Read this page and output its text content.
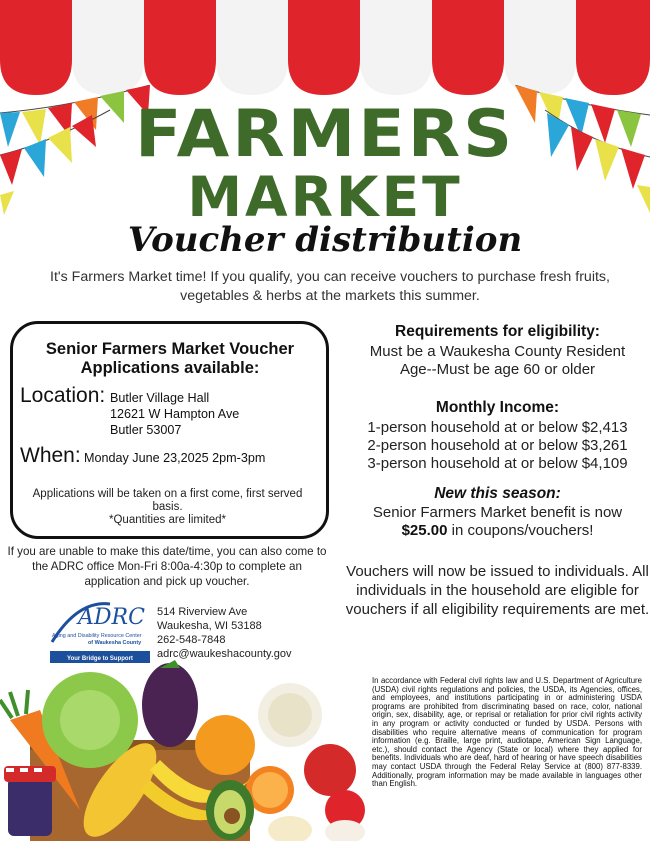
FARMERS
MARKET
Voucher distribution
It's Farmers Market time! If you qualify, you can receive vouchers to purchase fresh fruits, vegetables & herbs at the markets this summer.
Senior Farmers Market Voucher Applications available:
Location: Butler Village Hall
12621 W Hampton Ave
Butler 53007
When: Monday June 23,2025 2pm-3pm
Applications will be taken on a first come, first served basis.
*Quantities are limited*
If you are unable to make this date/time, you can also come to the ADRC office Mon-Fri 8:00a-4:30p to complete an application and pick up voucher.
ADRC
Aging and Disability Resource Center
of Waukesha County
Your Bridge to Support
514 Riverview Ave
Waukesha, WI 53188
262-548-7848
adrc@waukeshacounty.gov
Requirements for eligibility:
Must be a Waukesha County Resident
Age--Must be age 60 or older
Monthly Income:
1-person household at or below $2,413
2-person household at or below $3,261
3-person household at or below $4,109
New this season:
Senior Farmers Market benefit is now
$25.00 in coupons/vouchers!
Vouchers will now be issued to individuals. All individuals in the household are eligible for vouchers if all eligibility requirements are met.
In accordance with Federal civil rights law and U.S. Department of Agriculture (USDA) civil rights regulations and policies, the USDA, its Agencies, offices, and employees, and institutions participating in or administering USDA programs are prohibited from discriminating based on race, color, national origin, sex, disability, age, or reprisal or retaliation for prior civil rights activity in any program or activity conducted or funded by USDA. Persons with disabilities who require alternative means of communication for program information (e.g. Braille, large print, audiotape, American Sign Language, etc.), should contact the Agency (State or local) where they applied for benefits. Individuals who are deaf, hard of hearing or have speech disabilities may contact USDA through the Federal Relay Service at (800) 877-8339. Additionally, program information may be made available in languages other than English.
